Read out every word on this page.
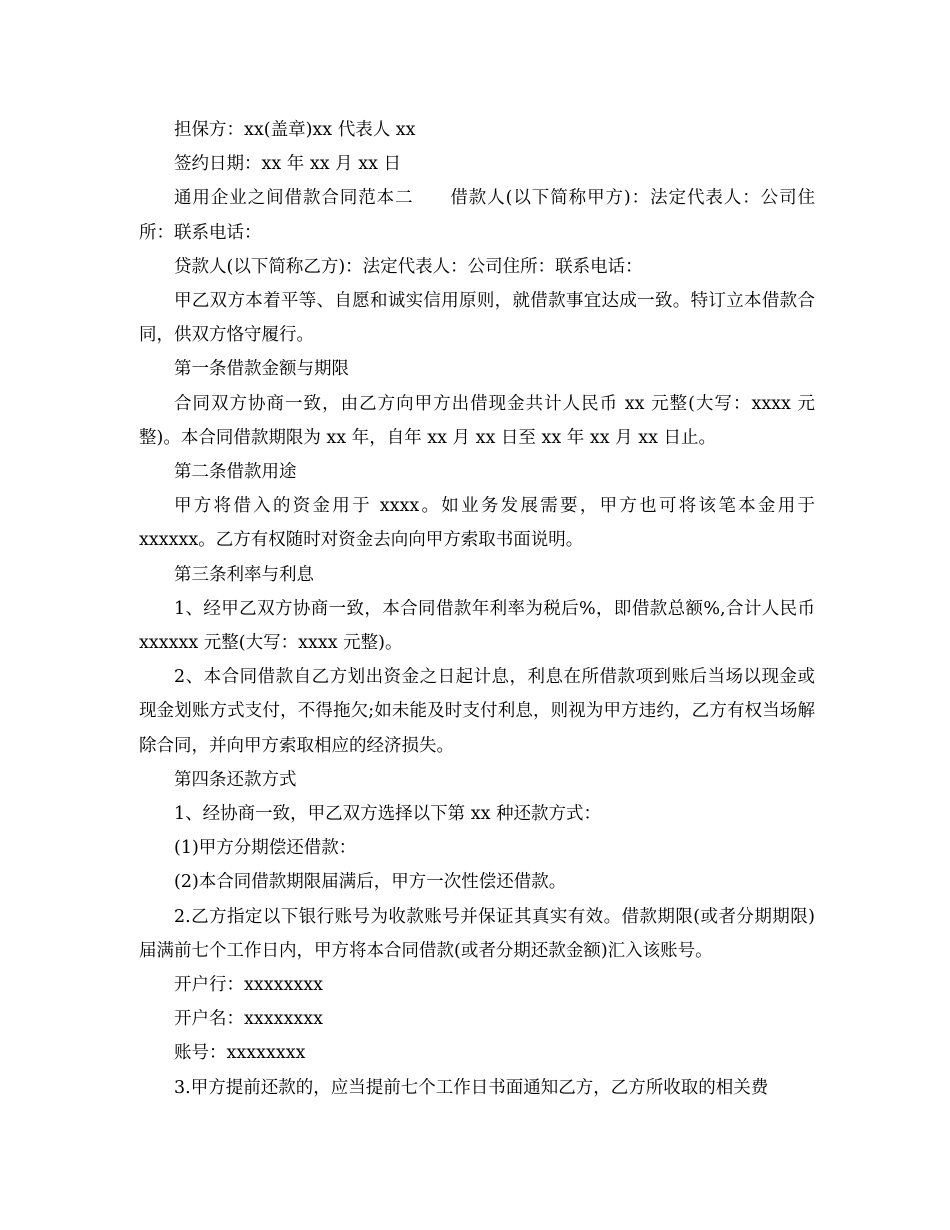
担保方：xx(盖章)xx 代表人 xx

签约日期：xx 年 xx 月 xx 日

通用企业之间借款合同范本二　　借款人(以下简称甲方)：法定代表人：公司住所：联系电话：

贷款人(以下简称乙方)：法定代表人：公司住所：联系电话：

甲乙双方本着平等、自愿和诚实信用原则，就借款事宜达成一致。特订立本借款合同，供双方恪守履行。

第一条借款金额与期限

合同双方协商一致，由乙方向甲方出借现金共计人民币 xx 元整(大写：xxxx 元整)。本合同借款期限为 xx 年，自年 xx 月 xx 日至 xx 年 xx 月 xx 日止。

第二条借款用途

甲方将借入的资金用于 xxxx。如业务发展需要，甲方也可将该笔本金用于 xxxxxx。乙方有权随时对资金去向向甲方索取书面说明。

第三条利率与利息

1、经甲乙双方协商一致，本合同借款年利率为税后%，即借款总额%,合计人民币 xxxxxx 元整(大写：xxxx 元整)。

2、本合同借款自乙方划出资金之日起计息，利息在所借款项到账后当场以现金或现金划账方式支付，不得拖欠;如未能及时支付利息，则视为甲方违约，乙方有权当场解除合同，并向甲方索取相应的经济损失。

第四条还款方式

1、经协商一致，甲乙双方选择以下第 xx 种还款方式：

(1)甲方分期偿还借款：

(2)本合同借款期限届满后，甲方一次性偿还借款。

2.乙方指定以下银行账号为收款账号并保证其真实有效。借款期限(或者分期期限)届满前七个工作日内，甲方将本合同借款(或者分期还款金额)汇入该账号。

开户行：xxxxxxxx

开户名：xxxxxxxx

账号：xxxxxxxx

3.甲方提前还款的，应当提前七个工作日书面通知乙方，乙方所收取的相关费
